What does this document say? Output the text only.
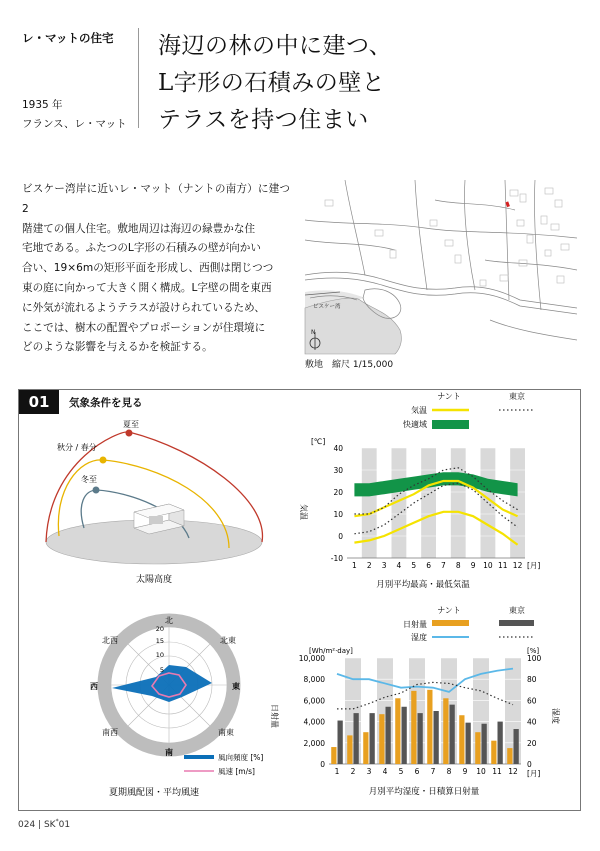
レ・マットの住宅
1935 年
フランス、レ・マット
海辺の林の中に建つ、
L字形の石積みの壁と
テラスを持つ住まい
ビスケー湾岸に近いレ・マット（ナントの南方）に建つ2
階建ての個人住宅。敷地周辺は海辺の緑豊かな住
宅地である。ふたつのL字形の石積みの壁が向かい
合い、19×6mの矩形平面を形成し、西側は閉じつつ
東の庭に向かって大きく開く構成。L字壁の間を東西
に外気が流れるようテラスが設けられているため、
ここでは、樹木の配置やプロポーションが住環境に
どのような影響を与えるかを検証する。
ビスケー湾
N
敷地　縮尺 1/15,000
01	気象条件を見る
夏至
秋分 / 春分
冬至
太陽高度
ナント	東京
気温
快適域
-10
0
10
20
30
40
1 2 3 4 5 6 7 8 9 10 11 12
[℃]
気温
[月]
月別平均最高・最低気温
北
北東
東
南東
南
南西
西
北西
5
10
15
20
風向頻度 [%]
風速 [m/s]
夏期風配図・平均風速
ナント	東京
日射量
湿度
0
2,000
4,000
6,000
8,000
10,000
0
20
40
60
80
100
1 2 3 4 5 6 7 8 9 10 11 12
[Wh/m²·day]	[%]
日射量	湿度
[月]
月別平均湿度・日積算日射量
024 | SK*01
